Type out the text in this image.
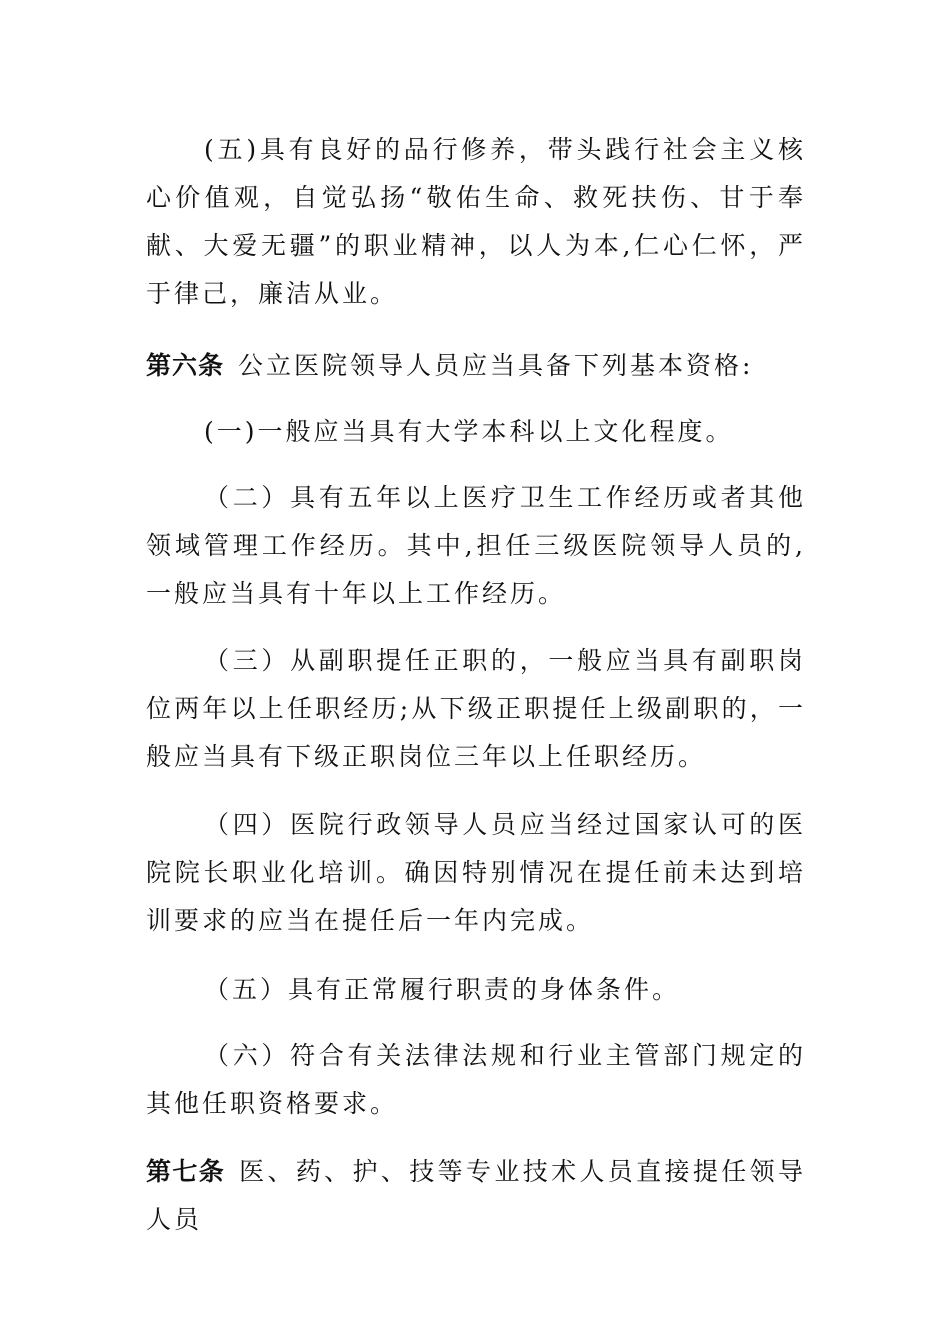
(五)具有良好的品行修养，带头践行社会主义核心价值观，自觉弘扬“敬佑生命、救死扶伤、甘于奉献、大爱无疆”的职业精神，以人为本,仁心仁怀，严于律己，廉洁从业。

第六条 公立医院领导人员应当具备下列基本资格:

(一)一般应当具有大学本科以上文化程度。

（二）具有五年以上医疗卫生工作经历或者其他领域管理工作经历。其中,担任三级医院领导人员的,一般应当具有十年以上工作经历。

（三）从副职提任正职的，一般应当具有副职岗位两年以上任职经历;从下级正职提任上级副职的，一般应当具有下级正职岗位三年以上任职经历。

（四）医院行政领导人员应当经过国家认可的医院院长职业化培训。确因特别情况在提任前未达到培训要求的应当在提任后一年内完成。

（五）具有正常履行职责的身体条件。

（六）符合有关法律法规和行业主管部门规定的其他任职资格要求。

第七条 医、药、护、技等专业技术人员直接提任领导人员
